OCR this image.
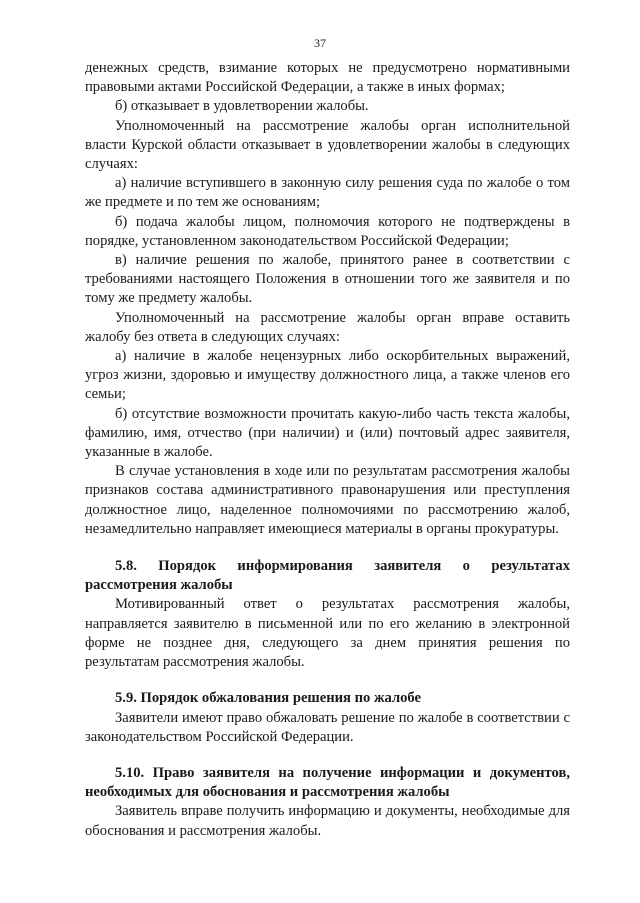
37

денежных средств, взимание которых не предусмотрено нормативными правовыми актами Российской Федерации, а также в иных формах;

б) отказывает в удовлетворении жалобы.

Уполномоченный на рассмотрение жалобы орган исполнительной власти Курской области отказывает в удовлетворении жалобы в следующих случаях:

а) наличие вступившего в законную силу решения суда по жалобе о том же предмете и по тем же основаниям;

б) подача жалобы лицом, полномочия которого не подтверждены в порядке, установленном законодательством Российской Федерации;

в) наличие решения по жалобе, принятого ранее в соответствии с требованиями настоящего Положения в отношении того же заявителя и по тому же предмету жалобы.

Уполномоченный на рассмотрение жалобы орган вправе оставить жалобу без ответа в следующих случаях:

а) наличие в жалобе нецензурных либо оскорбительных выражений, угроз жизни, здоровью и имуществу должностного лица, а также членов его семьи;

б) отсутствие возможности прочитать какую-либо часть текста жалобы, фамилию, имя, отчество (при наличии) и (или) почтовый адрес заявителя, указанные в жалобе.

В случае установления в ходе или по результатам рассмотрения жалобы признаков состава административного правонарушения или преступления должностное лицо, наделенное полномочиями по рассмотрению жалоб, незамедлительно направляет имеющиеся материалы в органы прокуратуры.

5.8. Порядок информирования заявителя о результатах рассмотрения жалобы

Мотивированный ответ о результатах рассмотрения жалобы, направляется заявителю в письменной или по его желанию в электронной форме не позднее дня, следующего за днем принятия решения по результатам рассмотрения жалобы.

5.9. Порядок обжалования решения по жалобе

Заявители имеют право обжаловать решение по жалобе в соответствии с законодательством Российской Федерации.

5.10. Право заявителя на получение информации и документов, необходимых для обоснования и рассмотрения жалобы

Заявитель вправе получить информацию и документы, необходимые для обоснования и рассмотрения жалобы.
